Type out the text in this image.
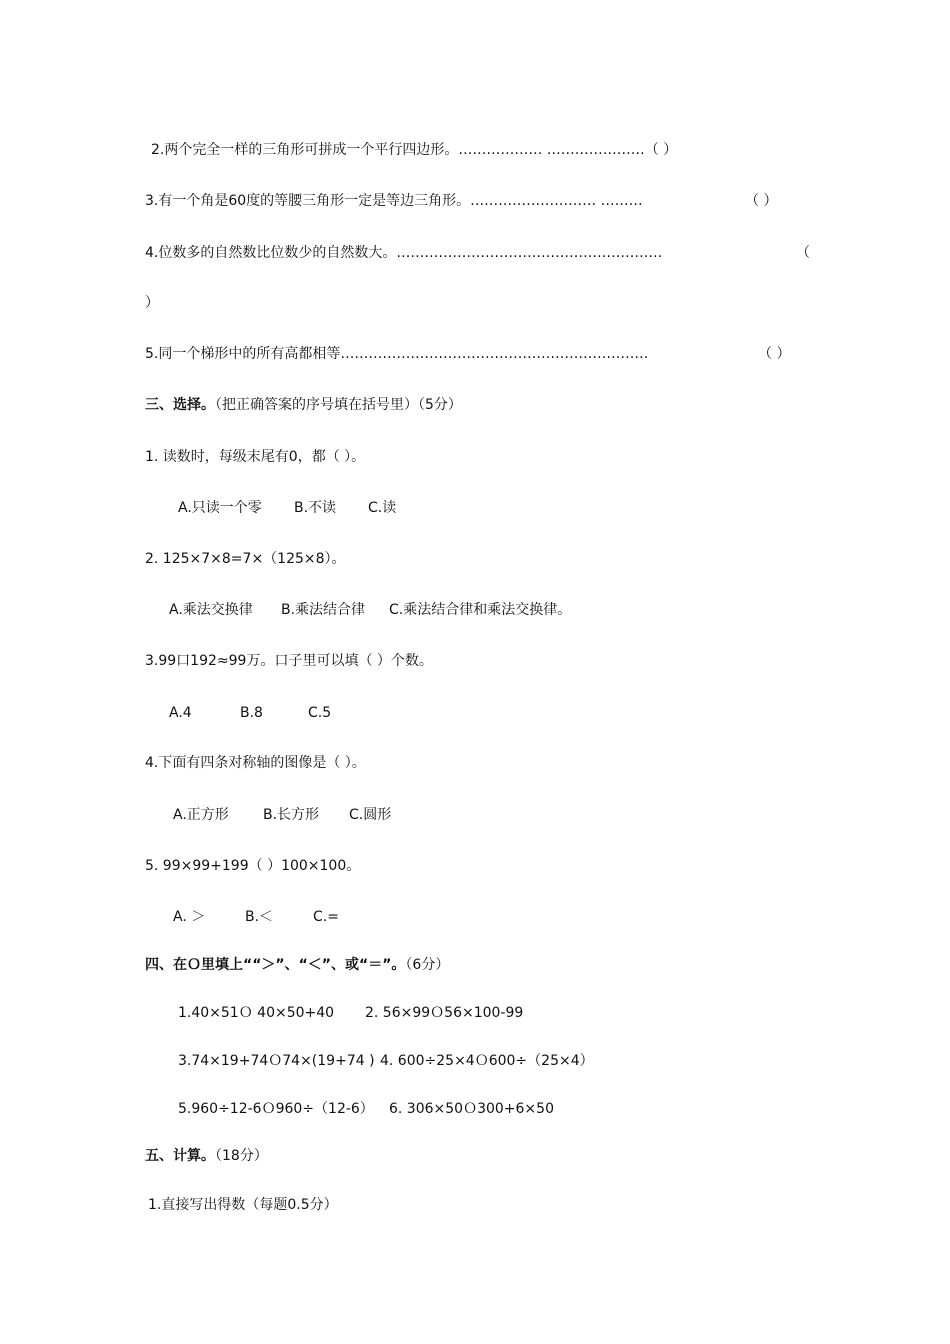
2.两个完全一样的三角形可拼成一个平行四边形。……………… …………………（ ）
3.有一个角是60度的等腰三角形一定是等边三角形。……………………… ………	（ ）
4.位数多的自然数比位数少的自然数大。…………………………………………………	（
）
5.同一个梯形中的所有高都相等…………………………………………………………	（ ）
三、选择。（把正确答案的序号填在括号里）（5分）
1. 读数时，每级末尾有0，都（ ）。
A.只读一个零 B.不读 C.读
2. 125×7×8=7×（125×8）。
A.乘法交换律 B.乘法结合律 C.乘法结合律和乘法交换律。
3.99口192≈99万。口子里可以填（ ）个数。
A.4	B.8	C.5
4.下面有四条对称轴的图像是（ ）。
A.正方形 B.长方形 C.圆形
5. 99×99+199（ ）100×100。
A. ＞	B.＜	C.=
四、在Ｏ里填上““＞”、“＜”、或“＝”。（6分）
1.40×51Ｏ 40×50+40 2. 56×99Ｏ56×100-99
3.74×19+74Ｏ74×(19+74 ) 4. 600÷25×4Ｏ600÷（25×4）
5.960÷12-6Ｏ960÷（12-6） 6. 306×50Ｏ300+6×50
五、计算。（18分）
1.直接写出得数（每题0.5分）
